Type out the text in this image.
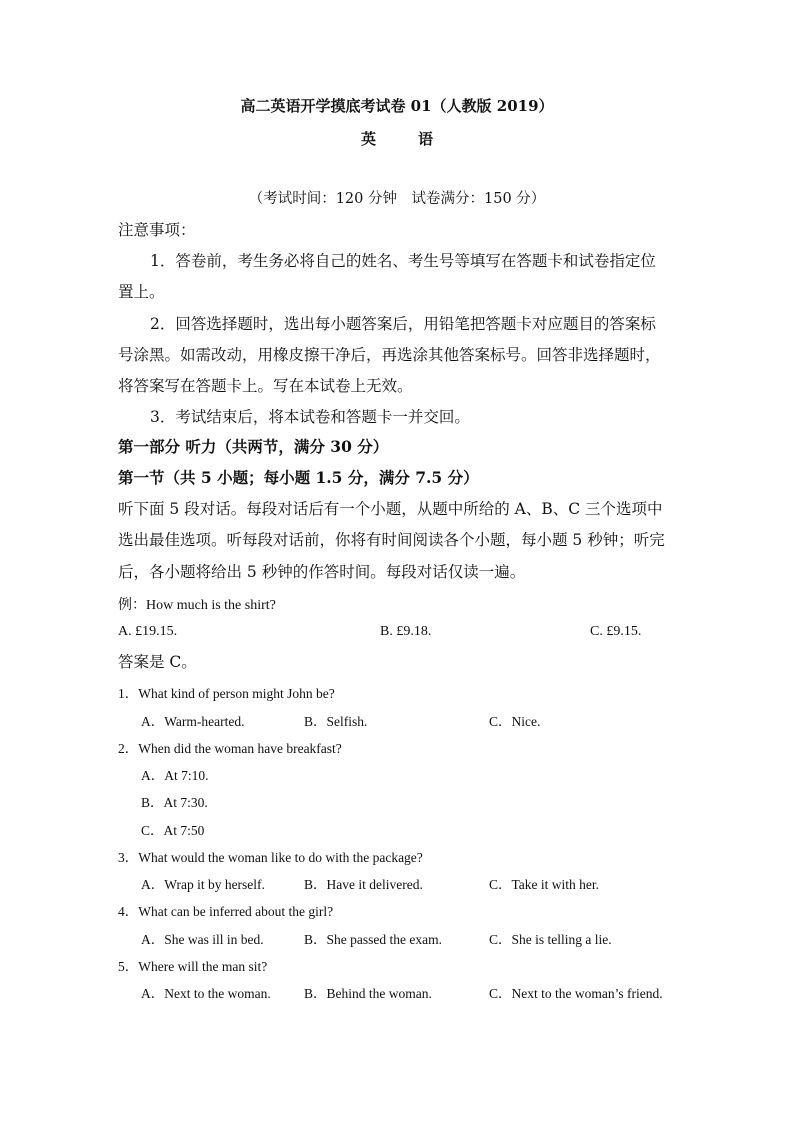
高二英语开学摸底考试卷 01（人教版 2019）
英	语
（考试时间：120 分钟　试卷满分：150 分）
注意事项：
1．答卷前，考生务必将自己的姓名、考生号等填写在答题卡和试卷指定位
置上。
2．回答选择题时，选出每小题答案后，用铅笔把答题卡对应题目的答案标
号涂黑。如需改动，用橡皮擦干净后，再选涂其他答案标号。回答非选择题时，
将答案写在答题卡上。写在本试卷上无效。
3．考试结束后，将本试卷和答题卡一并交回。
第一部分 听力（共两节，满分 30 分）
第一节（共 5 小题；每小题 1.5 分，满分 7.5 分）
听下面 5 段对话。每段对话后有一个小题，从题中所给的 A、B、C 三个选项中
选出最佳选项。听每段对话前，你将有时间阅读各个小题，每小题 5 秒钟；听完
后，各小题将给出 5 秒钟的作答时间。每段对话仅读一遍。
例：How much is the shirt?
A. £19.15.	B. £9.18.	C. £9.15.
答案是 C。
1．What kind of person might John be?
A．Warm-hearted.	B．Selfish.	C．Nice.
2．When did the woman have breakfast?
A．At 7:10.
B．At 7:30.
C．At 7:50
3．What would the woman like to do with the package?
A．Wrap it by herself.	B．Have it delivered.	C．Take it with her.
4．What can be inferred about the girl?
A．She was ill in bed.	B．She passed the exam.	C．She is telling a lie.
5．Where will the man sit?
A．Next to the woman. B．Behind the woman.	C．Next to the woman’s friend.
